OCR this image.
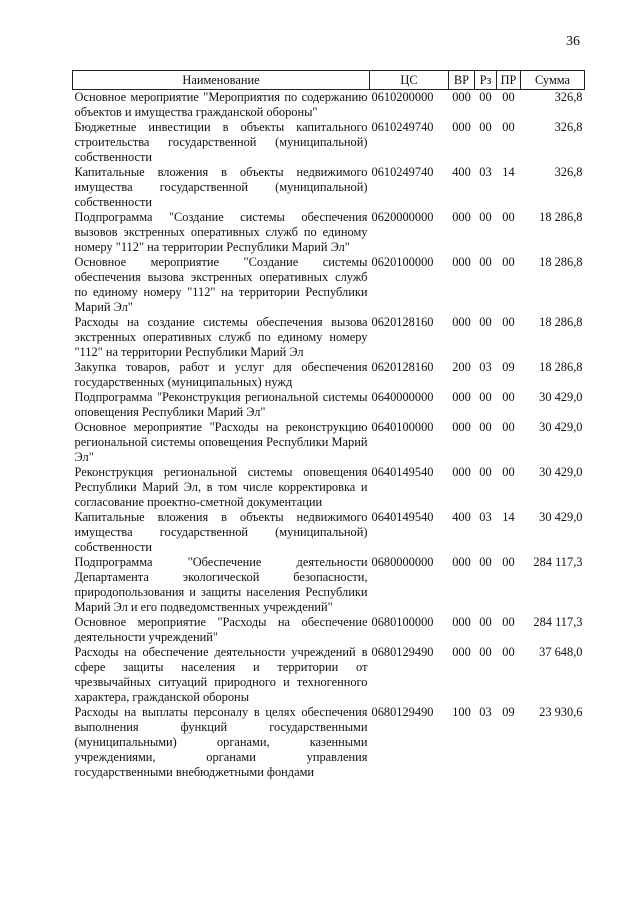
36
Наименование	ЦС	ВР	Рз	ПР	Сумма
Основное мероприятие "Мероприятия по содержанию объектов и имущества гражданской обороны"	0610200000	000	00	00	326,8
Бюджетные инвестиции в объекты капитального строительства государственной (муниципальной) собственности	0610249740	000	00	00	326,8
Капитальные вложения в объекты недвижимого имущества государственной (муниципальной) собственности	0610249740	400	03	14	326,8
Подпрограмма "Создание системы обеспечения вызовов экстренных оперативных служб по единому номеру "112" на территории Республики Марий Эл"	0620000000	000	00	00	18 286,8
Основное мероприятие "Создание системы обеспечения вызова экстренных оперативных служб по единому номеру "112" на территории Республики Марий Эл"	0620100000	000	00	00	18 286,8
Расходы на создание системы обеспечения вызова экстренных оперативных служб по единому номеру "112" на территории Республики Марий Эл	0620128160	000	00	00	18 286,8
Закупка товаров, работ и услуг для обеспечения государственных (муниципальных) нужд	0620128160	200	03	09	18 286,8
Подпрограмма "Реконструкция региональной системы оповещения Республики Марий Эл"	0640000000	000	00	00	30 429,0
Основное мероприятие "Расходы на реконструкцию региональной системы оповещения Республики Марий Эл"	0640100000	000	00	00	30 429,0
Реконструкция региональной системы оповещения Республики Марий Эл, в том числе корректировка и согласование проектно-сметной документации	0640149540	000	00	00	30 429,0
Капитальные вложения в объекты недвижимого имущества государственной (муниципальной) собственности	0640149540	400	03	14	30 429,0
Подпрограмма "Обеспечение деятельности Департамента экологической безопасности, природопользования и защиты населения Республики Марий Эл и его подведомственных учреждений"	0680000000	000	00	00	284 117,3
Основное мероприятие "Расходы на обеспечение деятельности учреждений"	0680100000	000	00	00	284 117,3
Расходы на обеспечение деятельности учреждений в сфере защиты населения и территории от чрезвычайных ситуаций природного и техногенного характера, гражданской обороны	0680129490	000	00	00	37 648,0
Расходы на выплаты персоналу в целях обеспечения выполнения функций государственными (муниципальными) органами, казенными учреждениями, органами управления государственными внебюджетными фондами	0680129490	100	03	09	23 930,6
